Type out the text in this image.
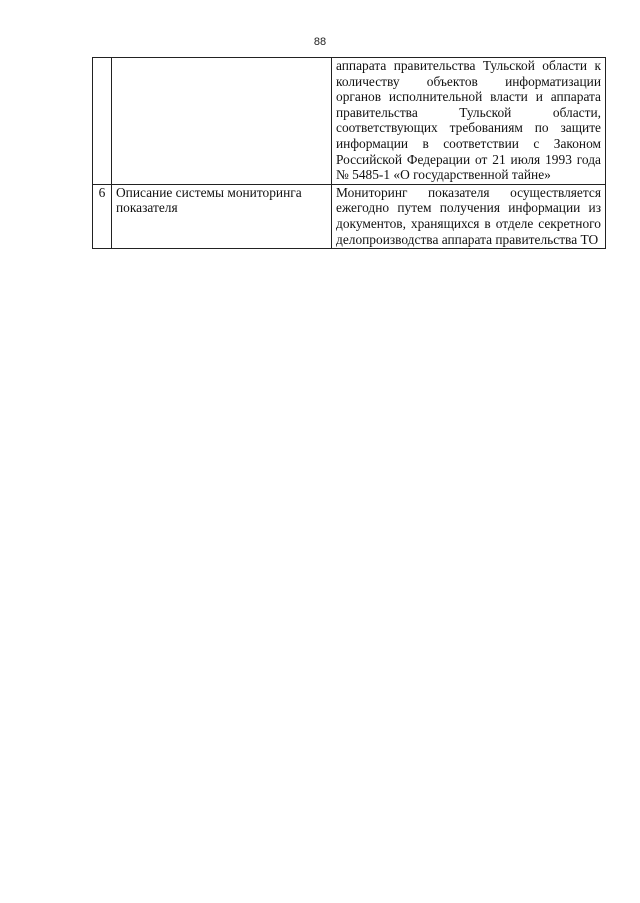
88
		аппарата правительства Тульской области к количеству объектов информатизации органов исполнительной власти и аппарата правительства Тульской области, соответствующих требованиям по защите информации в соответствии с Законом Российской Федерации от 21 июля 1993 года № 5485-1 «О государственной тайне»
6	Описание системы мониторинга показателя	Мониторинг показателя осуществляется ежегодно путем получения информации из документов, хранящихся в отделе секретного делопроизводства аппарата правительства ТО
